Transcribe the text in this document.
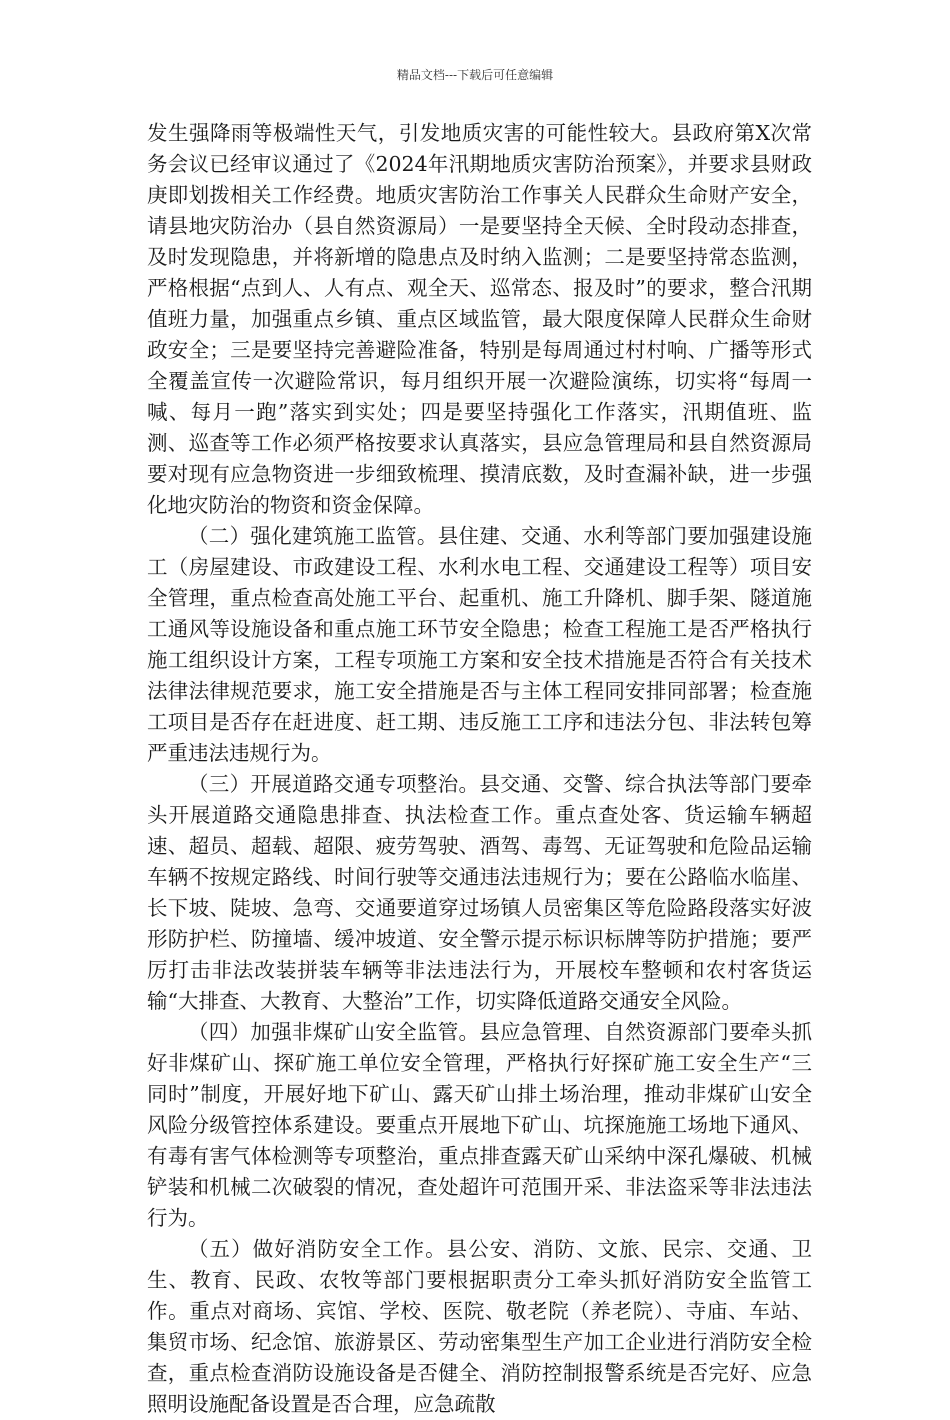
精品文档---下载后可任意编辑

发生强降雨等极端性天气，引发地质灾害的可能性较大。县政府第X次常务会议已经审议通过了《2024年汛期地质灾害防治预案》，并要求县财政庚即划拨相关工作经费。地质灾害防治工作事关人民群众生命财产安全，请县地灾防治办（县自然资源局）一是要坚持全天候、全时段动态排查，及时发现隐患，并将新增的隐患点及时纳入监测；二是要坚持常态监测，严格根据“点到人、人有点、观全天、巡常态、报及时”的要求，整合汛期值班力量，加强重点乡镇、重点区域监管，最大限度保障人民群众生命财政安全；三是要坚持完善避险准备，特别是每周通过村村响、广播等形式全覆盖宣传一次避险常识，每月组织开展一次避险演练，切实将“每周一喊、每月一跑”落实到实处；四是要坚持强化工作落实，汛期值班、监测、巡查等工作必须严格按要求认真落实，县应急管理局和县自然资源局要对现有应急物资进一步细致梳理、摸清底数，及时查漏补缺，进一步强化地灾防治的物资和资金保障。

（二）强化建筑施工监管。县住建、交通、水利等部门要加强建设施工（房屋建设、市政建设工程、水利水电工程、交通建设工程等）项目安全管理，重点检查高处施工平台、起重机、施工升降机、脚手架、隧道施工通风等设施设备和重点施工环节安全隐患；检查工程施工是否严格执行施工组织设计方案，工程专项施工方案和安全技术措施是否符合有关技术法律法律规范要求，施工安全措施是否与主体工程同安排同部署；检查施工项目是否存在赶进度、赶工期、违反施工工序和违法分包、非法转包筹严重违法违规行为。

（三）开展道路交通专项整治。县交通、交警、综合执法等部门要牵头开展道路交通隐患排查、执法检查工作。重点查处客、货运输车辆超速、超员、超载、超限、疲劳驾驶、酒驾、毒驾、无证驾驶和危险品运输车辆不按规定路线、时间行驶等交通违法违规行为；要在公路临水临崖、长下坡、陡坡、急弯、交通要道穿过场镇人员密集区等危险路段落实好波形防护栏、防撞墙、缓冲坡道、安全警示提示标识标牌等防护措施；要严厉打击非法改装拼装车辆等非法违法行为，开展校车整顿和农村客货运输“大排查、大教育、大整治”工作，切实降低道路交通安全风险。

（四）加强非煤矿山安全监管。县应急管理、自然资源部门要牵头抓好非煤矿山、探矿施工单位安全管理，严格执行好探矿施工安全生产“三同时”制度，开展好地下矿山、露天矿山排土场治理，推动非煤矿山安全风险分级管控体系建设。要重点开展地下矿山、坑探施施工场地下通风、有毒有害气体检测等专项整治，重点排查露天矿山采纳中深孔爆破、机械铲装和机械二次破裂的情况，查处超许可范围开采、非法盗采等非法违法行为。

（五）做好消防安全工作。县公安、消防、文旅、民宗、交通、卫生、教育、民政、农牧等部门要根据职责分工牵头抓好消防安全监管工作。重点对商场、宾馆、学校、医院、敬老院（养老院）、寺庙、车站、集贸市场、纪念馆、旅游景区、劳动密集型生产加工企业进行消防安全检查，重点检查消防设施设备是否健全、消防控制报警系统是否完好、应急照明设施配备设置是否合理，应急疏散
